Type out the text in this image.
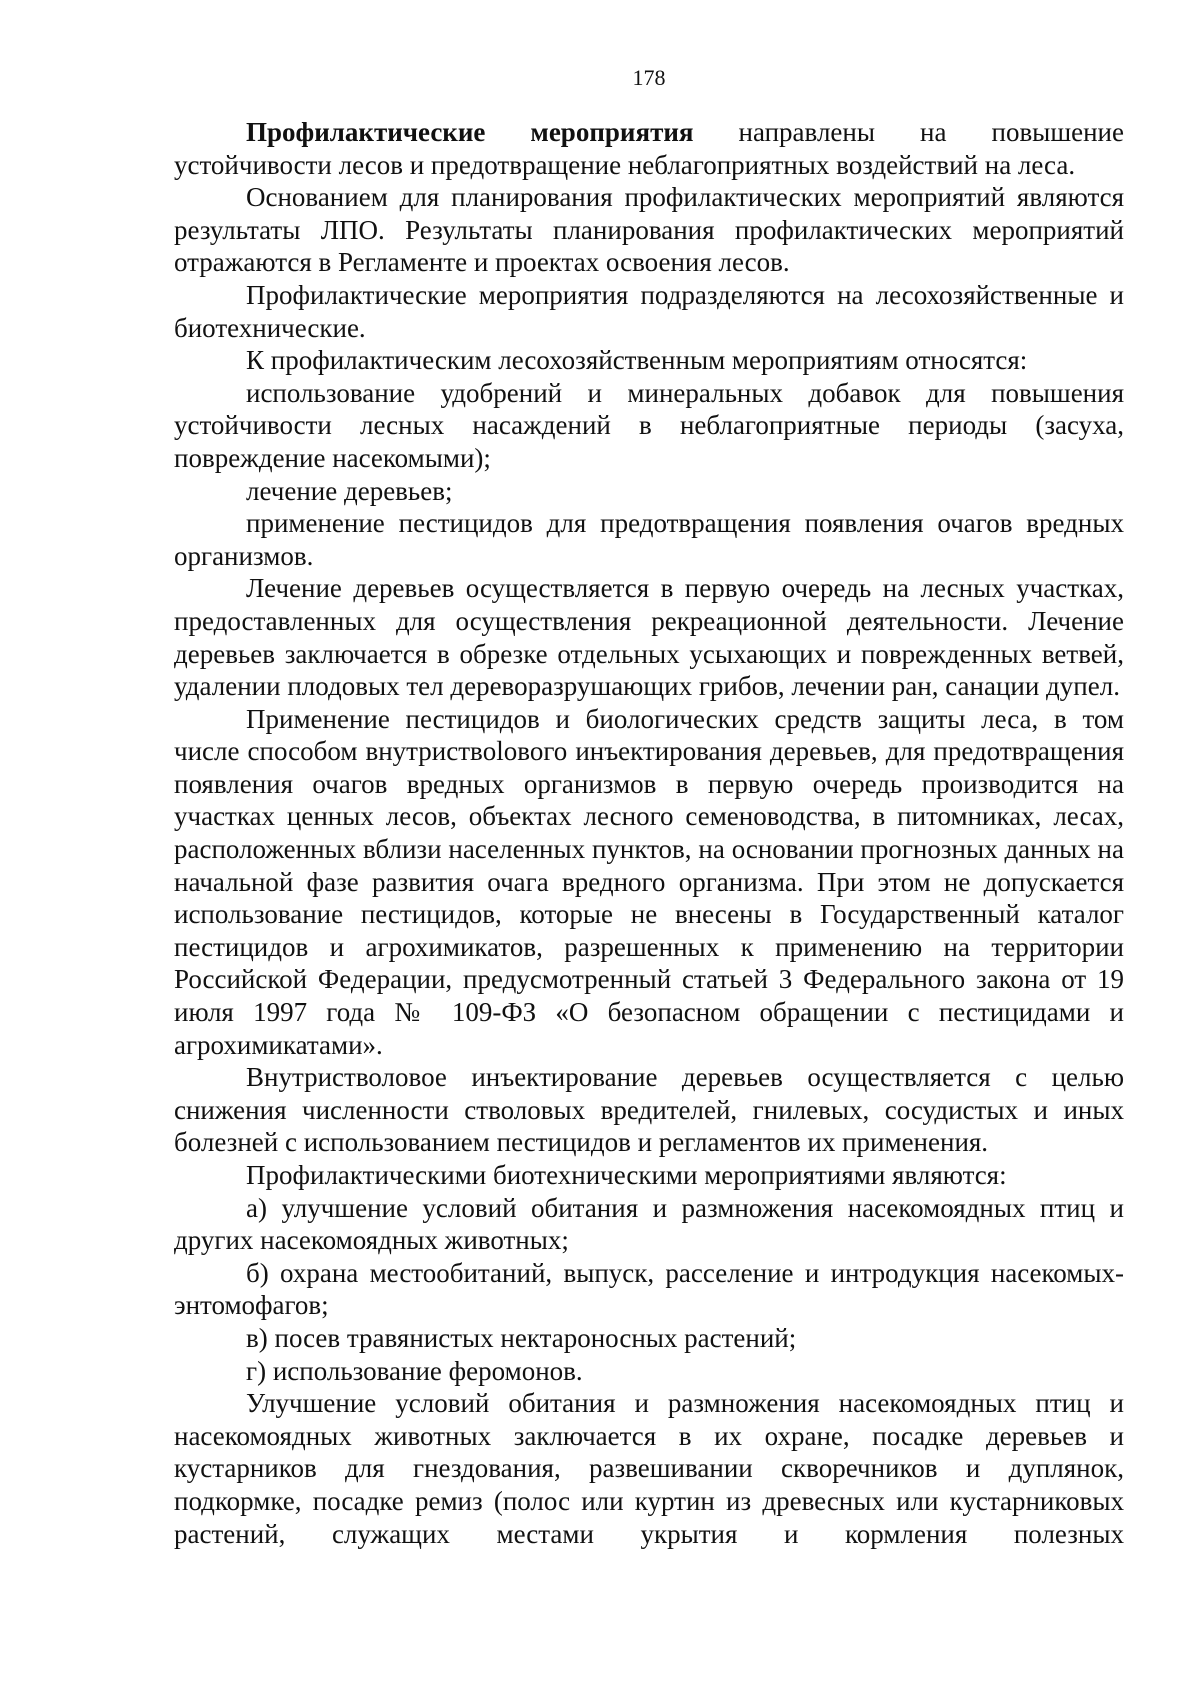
178

Профилактические мероприятия направлены на повышение устойчивости лесов и предотвращение неблагоприятных воздействий на леса.

Основанием для планирования профилактических мероприятий являются результаты ЛПО. Результаты планирования профилактических мероприятий отражаются в Регламенте и проектах освоения лесов.

Профилактические мероприятия подразделяются на лесохозяйственные и биотехнические.

К профилактическим лесохозяйственным мероприятиям относятся:

использование удобрений и минеральных добавок для повышения устойчивости лесных насаждений в неблагоприятные периоды (засуха, повреждение насекомыми);

лечение деревьев;

применение пестицидов для предотвращения появления очагов вредных организмов.

Лечение деревьев осуществляется в первую очередь на лесных участках, предоставленных для осуществления рекреационной деятельности. Лечение деревьев заключается в обрезке отдельных усыхающих и поврежденных ветвей, удалении плодовых тел дереворазрушающих грибов, лечении ран, санации дупел.

Применение пестицидов и биологических средств защиты леса, в том числе способом внутриствolового инъектирования деревьев, для предотвращения появления очагов вредных организмов в первую очередь производится на участках ценных лесов, объектах лесного семеноводства, в питомниках, лесах, расположенных вблизи населенных пунктов, на основании прогнозных данных на начальной фазе развития очага вредного организма. При этом не допускается использование пестицидов, которые не внесены в Государственный каталог пестицидов и агрохимикатов, разрешенных к применению на территории Российской Федерации, предусмотренный статьей 3 Федерального закона от 19 июля 1997 года № 109-ФЗ «О безопасном обращении с пестицидами и агрохимикатами».

Внутристволовое инъектирование деревьев осуществляется с целью снижения численности стволовых вредителей, гнилевых, сосудистых и иных болезней с использованием пестицидов и регламентов их применения.

Профилактическими биотехническими мероприятиями являются:

а) улучшение условий обитания и размножения насекомоядных птиц и других насекомоядных животных;

б) охрана местообитаний, выпуск, расселение и интродукция насекомых-энтомофагов;

в) посев травянистых нектароносных растений;

г) использование феромонов.

Улучшение условий обитания и размножения насекомоядных птиц и насекомоядных животных заключается в их охране, посадке деревьев и кустарников для гнездования, развешивании скворечников и дуплянок, подкормке, посадке ремиз (полос или куртин из древесных или кустарниковых растений, служащих местами укрытия и кормления полезных
